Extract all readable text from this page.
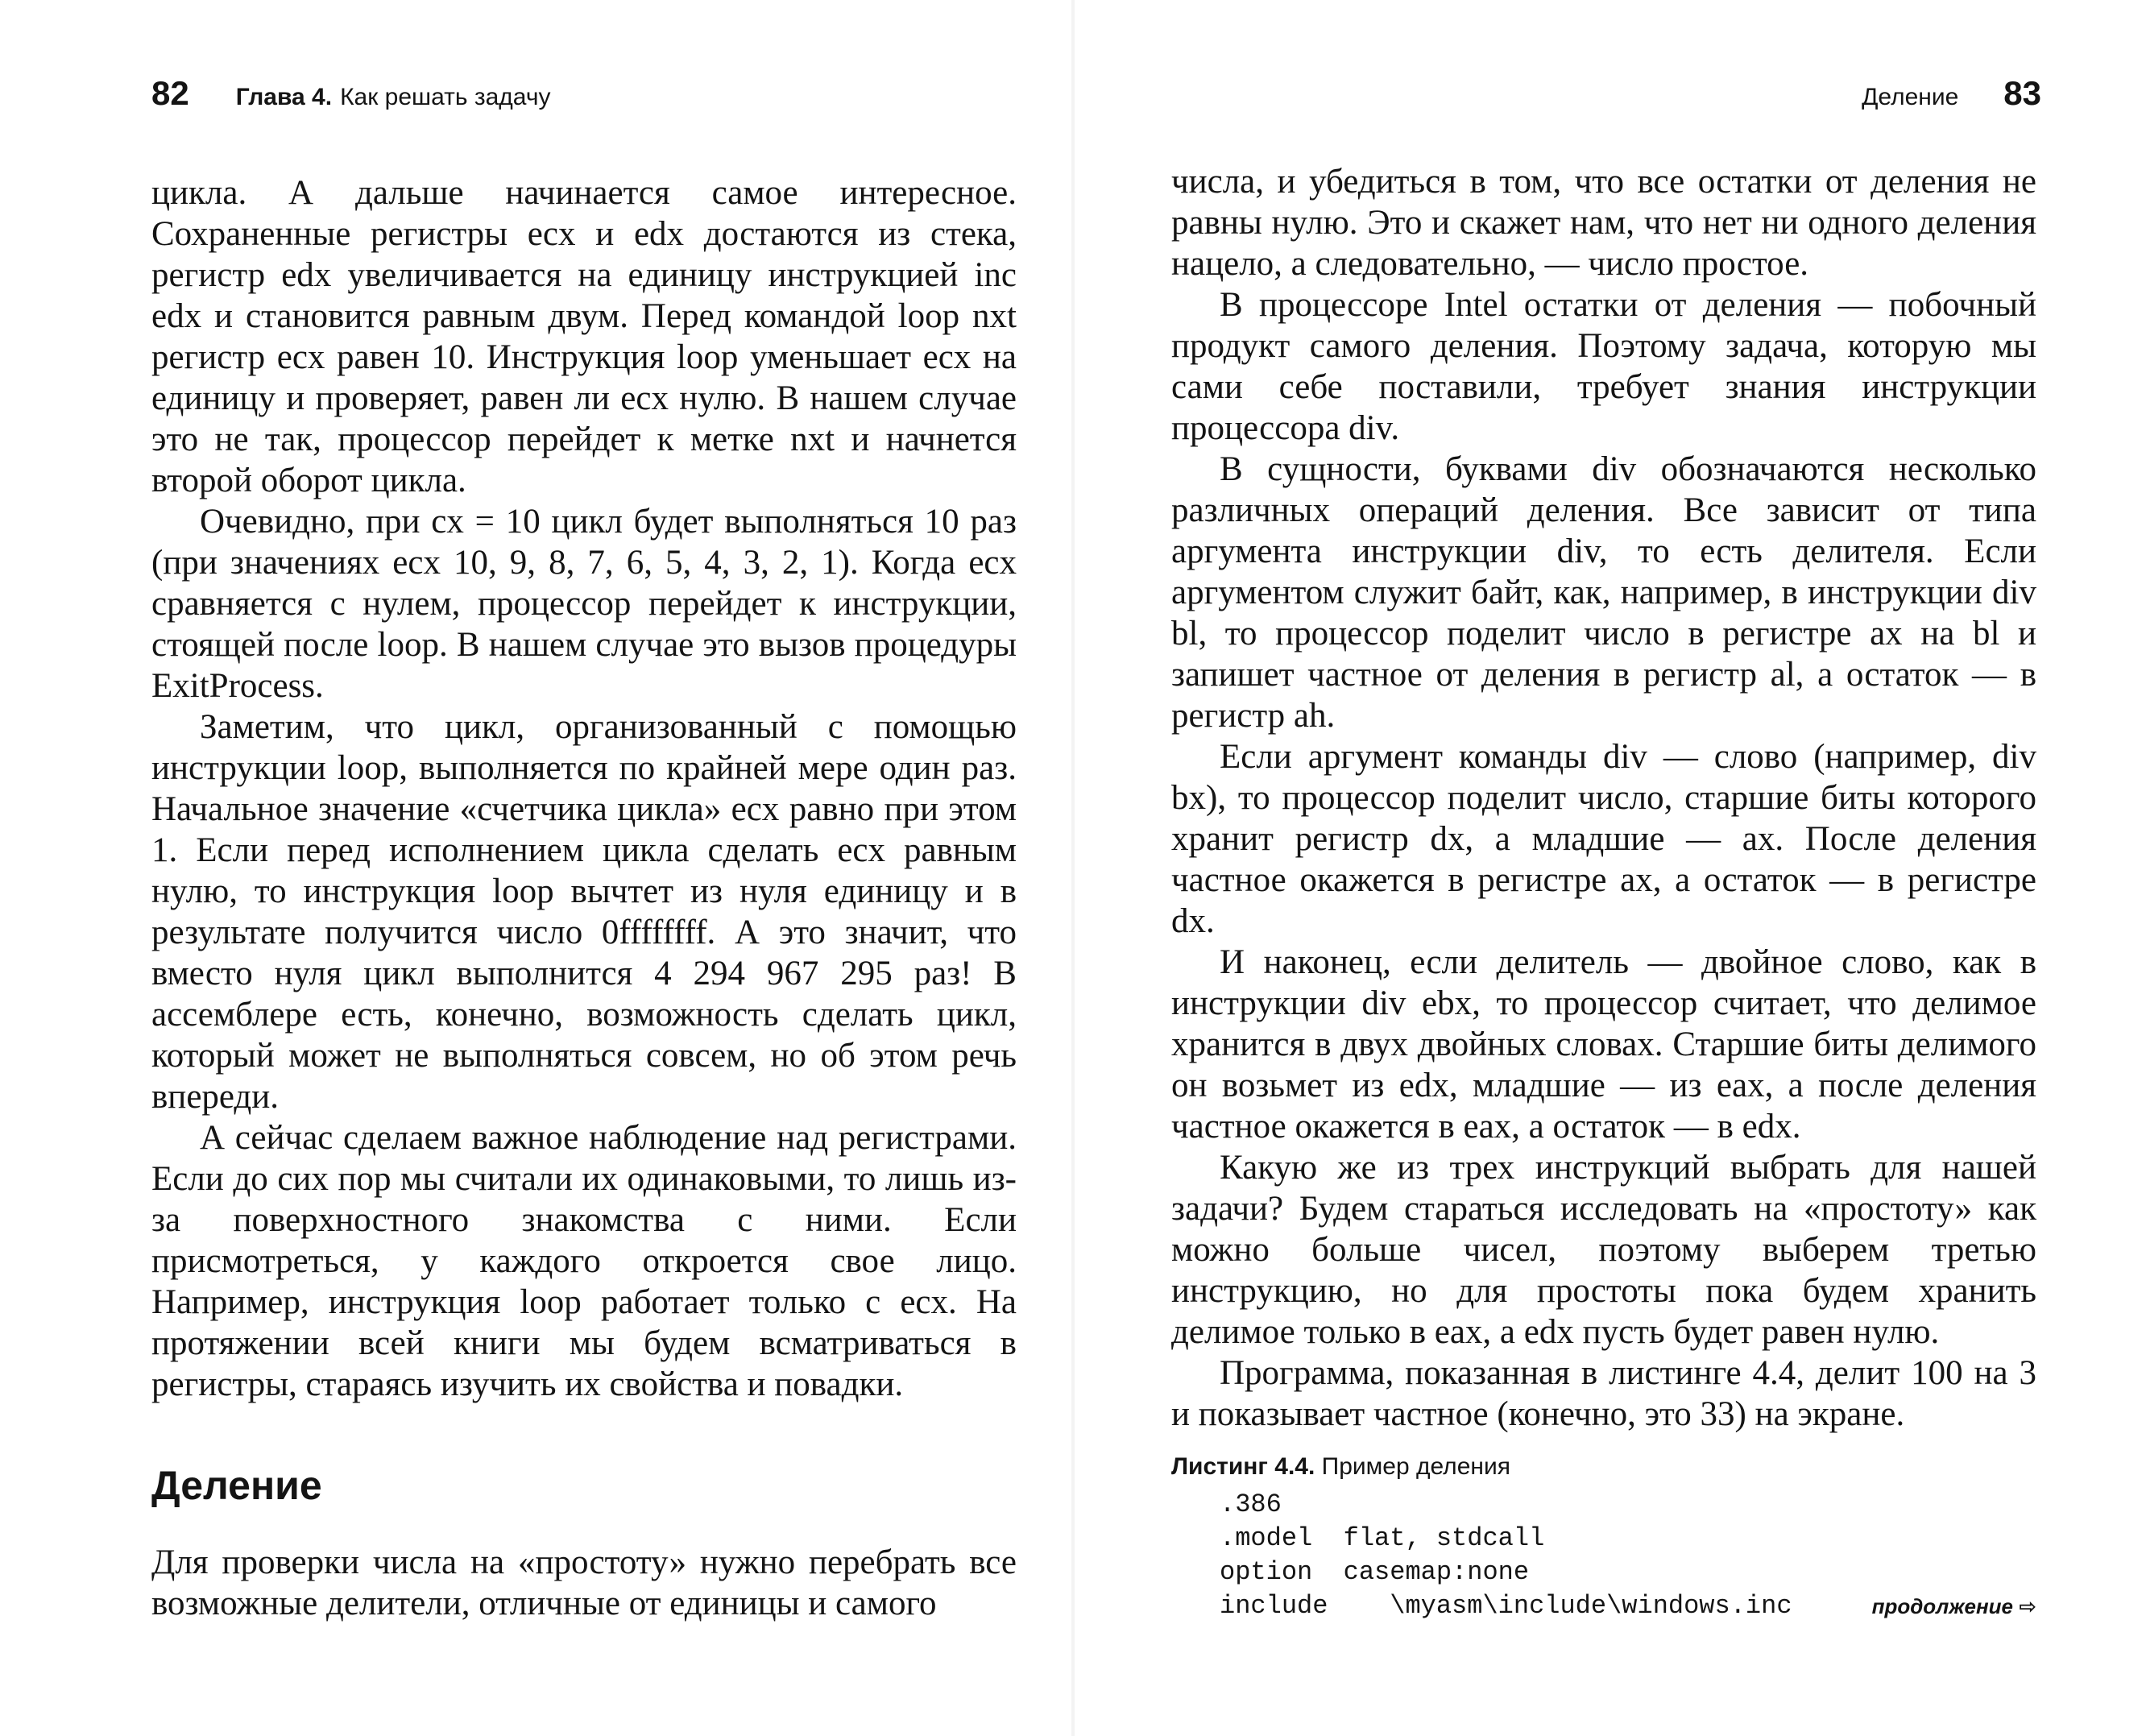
82 Глава 4. Как решать задачу

цикла. А дальше начинается самое интересное. Сохраненные регистры ecx и edx достаются из стека, регистр edx увеличивается на единицу инструкцией inc edx и становится равным двум. Перед командой loop nxt регистр ecx равен 10. Инструкция loop уменьшает ecx на единицу и проверяет, равен ли ecx нулю. В нашем случае это не так, процессор перейдет к метке nxt и начнется второй оборот цикла.

Очевидно, при cx = 10 цикл будет выполняться 10 раз (при значениях ecx 10, 9, 8, 7, 6, 5, 4, 3, 2, 1). Когда ecx сравняется с нулем, процессор перейдет к инструкции, стоящей после loop. В нашем случае это вызов процедуры ExitProcess.

Заметим, что цикл, организованный с помощью инструкции loop, выполняется по крайней мере один раз. Начальное значение «счетчика цикла» ecx равно при этом 1. Если перед исполнением цикла сделать ecx равным нулю, то инструкция loop вычтет из нуля единицу и в результате получится число 0ffffffff. А это значит, что вместо нуля цикл выполнится 4 294 967 295 раз! В ассемблере есть, конечно, возможность сделать цикл, который может не выполняться совсем, но об этом речь впереди.

А сейчас сделаем важное наблюдение над регистрами. Если до сих пор мы считали их одинаковыми, то лишь из-за поверхностного знакомства с ними. Если присмотреться, у каждого откроется свое лицо. Например, инструкция loop работает только с ecx. На протяжении всей книги мы будем всматриваться в регистры, стараясь изучить их свойства и повадки.

Деление

Для проверки числа на «простоту» нужно перебрать все возможные делители, отличные от единицы и самого

Деление 83

числа, и убедиться в том, что все остатки от деления не равны нулю. Это и скажет нам, что нет ни одного деления нацело, а следовательно, — число простое.

В процессоре Intel остатки от деления — побочный продукт самого деления. Поэтому задача, которую мы сами себе поставили, требует знания инструкции процессора div.

В сущности, буквами div обозначаются несколько различных операций деления. Все зависит от типа аргумента инструкции div, то есть делителя. Если аргументом служит байт, как, например, в инструкции div bl, то процессор поделит число в регистре ax на bl и запишет частное от деления в регистр al, а остаток — в регистр ah.

Если аргумент команды div — слово (например, div bx), то процессор поделит число, старшие биты которого хранит регистр dx, а младшие — ax. После деления частное окажется в регистре ax, а остаток — в регистре dx.

И наконец, если делитель — двойное слово, как в инструкции div ebx, то процессор считает, что делимое хранится в двух двойных словах. Старшие биты делимого он возьмет из edx, младшие — из eax, а после деления частное окажется в eax, а остаток — в edx.

Какую же из трех инструкций выбрать для нашей задачи? Будем стараться исследовать на «простоту» как можно больше чисел, поэтому выберем третью инструкцию, но для простоты пока будем хранить делимое только в eax, а edx пусть будет равен нулю.

Программа, показанная в листинге 4.4, делит 100 на 3 и показывает частное (конечно, это 33) на экране.

Листинг 4.4. Пример деления
.386
.model  flat, stdcall
option  casemap:none
include    \myasm\include\windows.inc	продолжение ⇨
